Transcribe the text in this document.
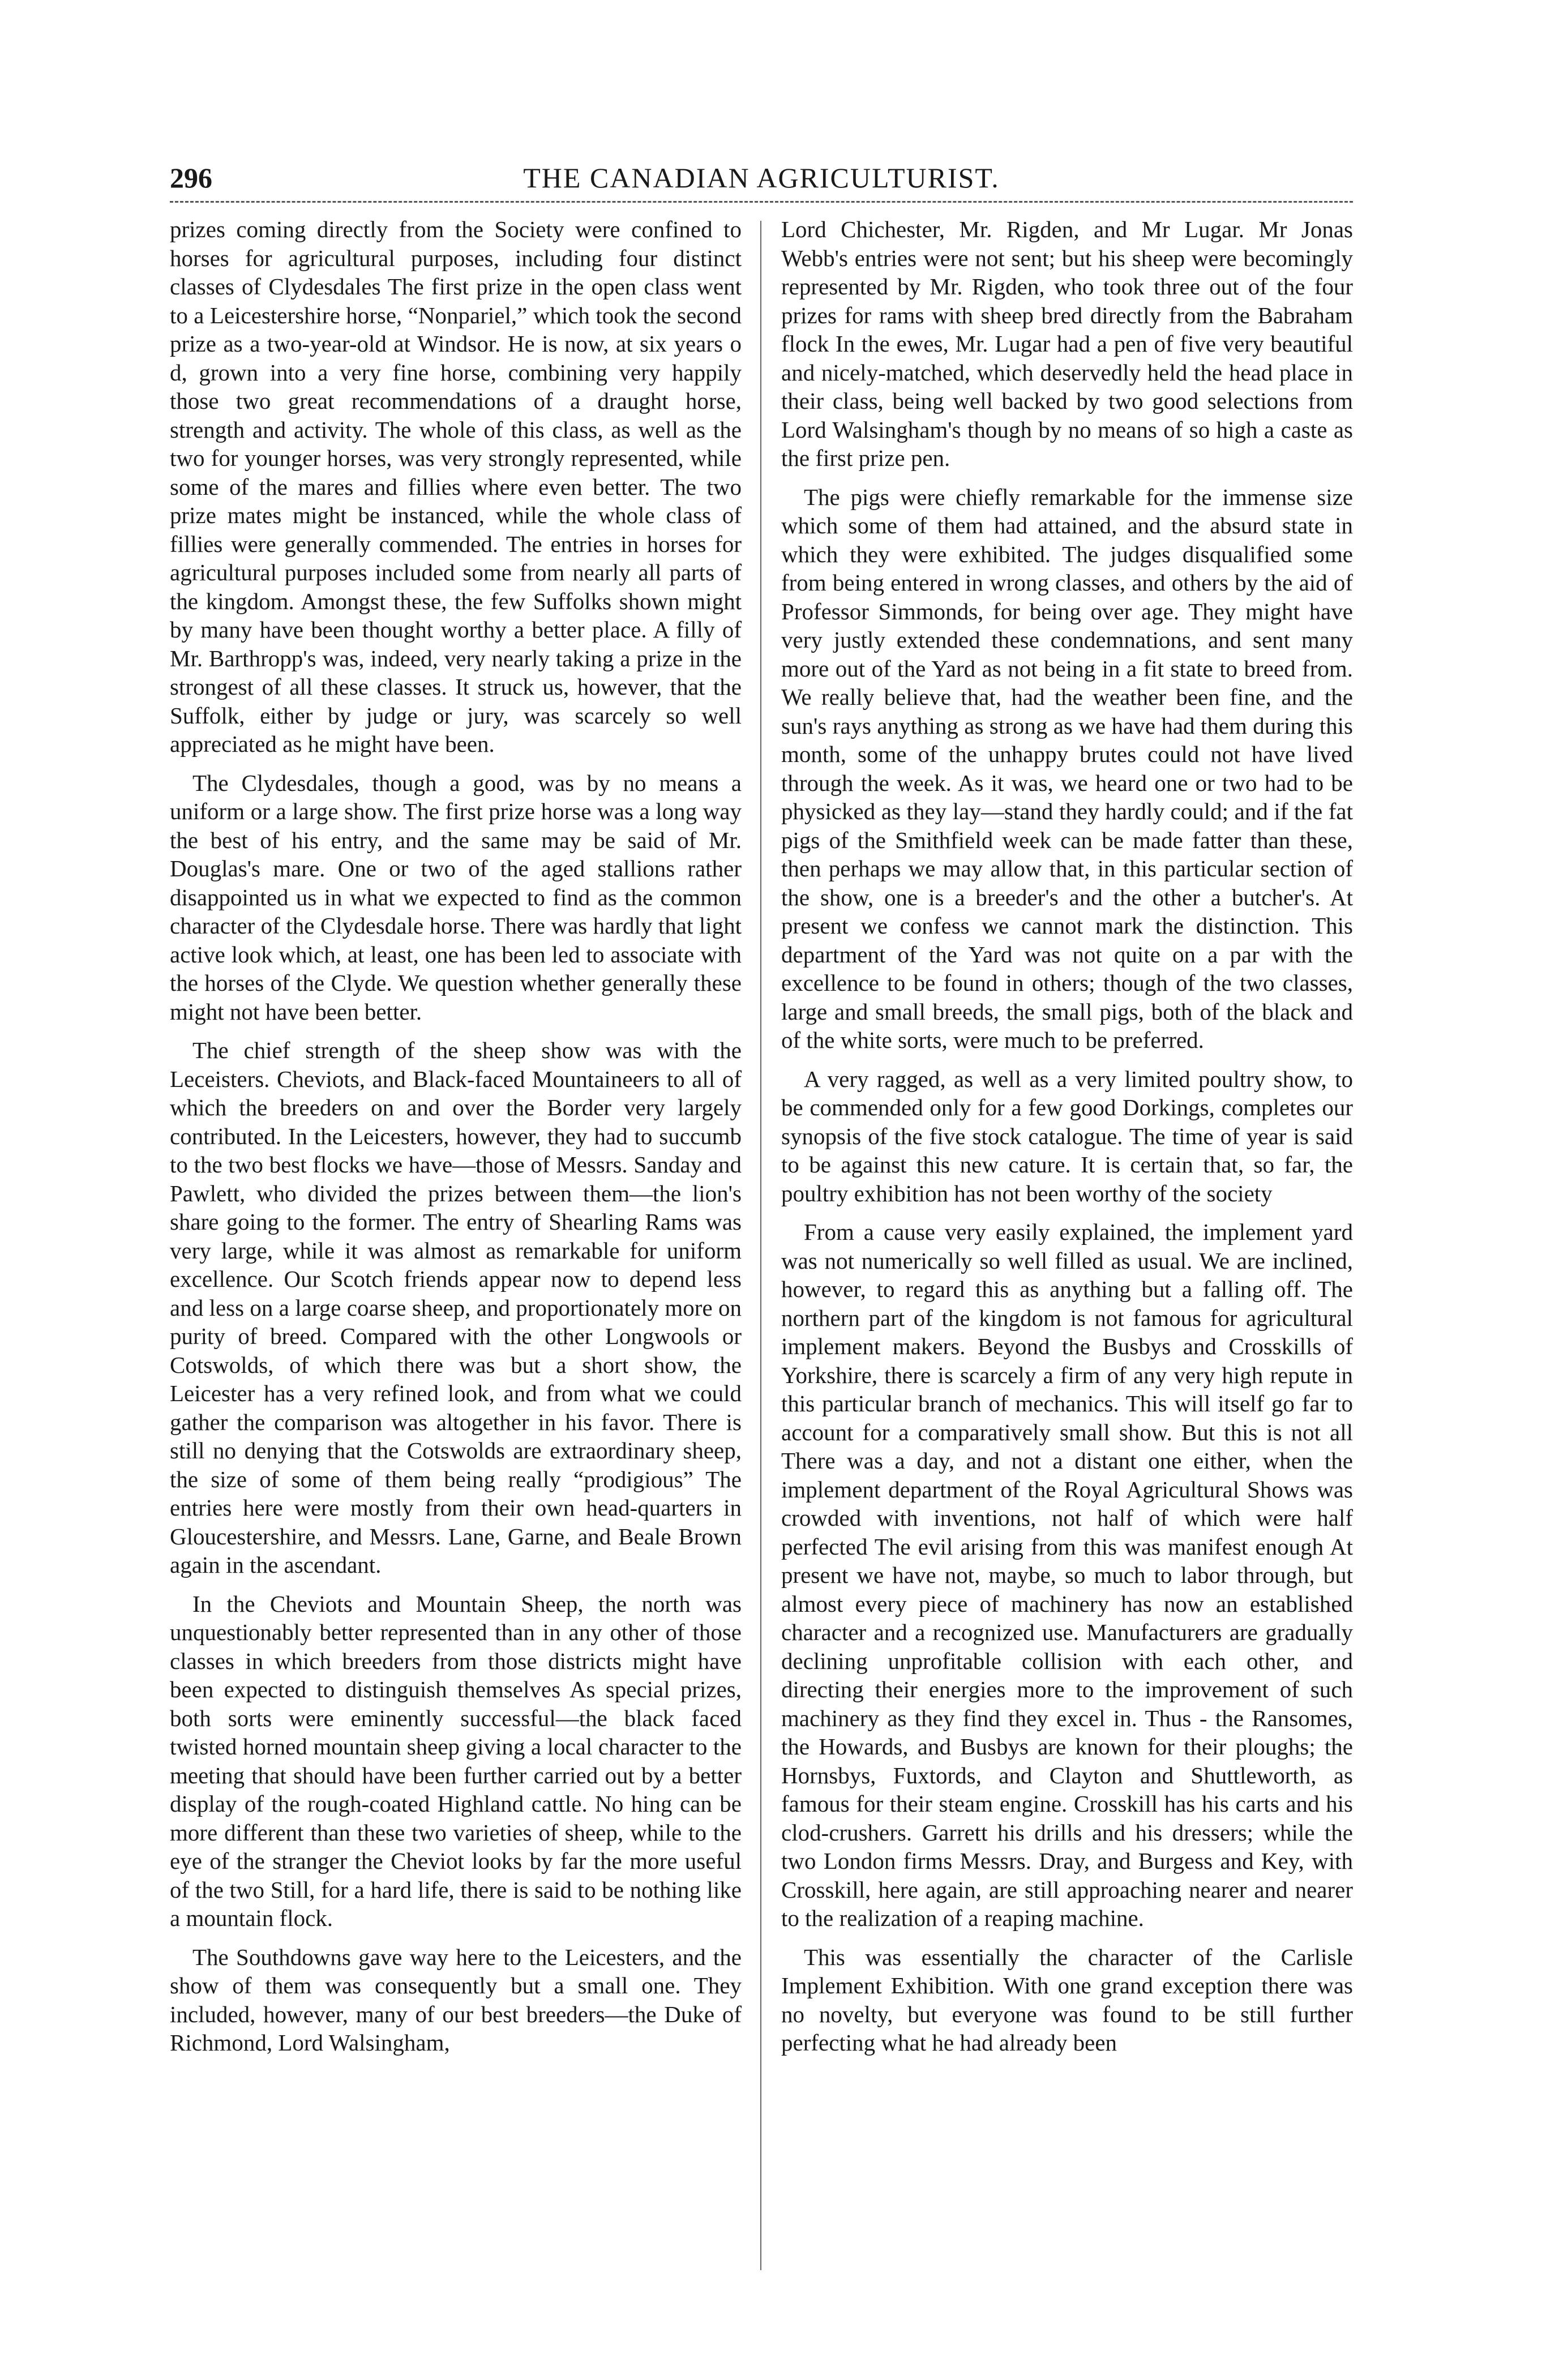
296	THE CANADIAN AGRICULTURIST.

prizes coming directly from the Society were confined to horses for agricultural purposes, including four distinct classes of Clydesdales The first prize in the open class went to a Leicestershire horse, “Nonpariel,” which took the second prize as a two-year-old at Windsor. He is now, at six years o d, grown into a very fine horse, combining very happily those two great recommendations of a draught horse, strength and activity. The whole of this class, as well as the two for younger horses, was very strongly represented, while some of the mares and fillies where even better. The two prize mates might be instanced, while the whole class of fillies were generally commended. The entries in horses for agricultural purposes included some from nearly all parts of the kingdom. Amongst these, the few Suffolks shown might by many have been thought worthy a better place. A filly of Mr. Barthropp's was, indeed, very nearly taking a prize in the strongest of all these classes. It struck us, however, that the Suffolk, either by judge or jury, was scarcely so well appreciated as he might have been.

The Clydesdales, though a good, was by no means a uniform or a large show. The first prize horse was a long way the best of his entry, and the same may be said of Mr. Douglas's mare. One or two of the aged stallions rather disappointed us in what we expected to find as the common character of the Clydesdale horse. There was hardly that light active look which, at least, one has been led to associate with the horses of the Clyde. We question whether generally these might not have been better.

The chief strength of the sheep show was with the Leceisters. Cheviots, and Black-faced Mountaineers to all of which the breeders on and over the Border very largely contributed. In the Leicesters, however, they had to succumb to the two best flocks we have—those of Messrs. Sanday and Pawlett, who divided the prizes between them—the lion's share going to the former. The entry of Shearling Rams was very large, while it was almost as remarkable for uniform excellence. Our Scotch friends appear now to depend less and less on a large coarse sheep, and proportionately more on purity of breed. Compared with the other Longwools or Cotswolds, of which there was but a short show, the Leicester has a very refined look, and from what we could gather the comparison was altogether in his favor. There is still no denying that the Cotswolds are extraordinary sheep, the size of some of them being really “prodigious” The entries here were mostly from their own head-quarters in Gloucestershire, and Messrs. Lane, Garne, and Beale Brown again in the ascendant.

In the Cheviots and Mountain Sheep, the north was unquestionably better represented than in any other of those classes in which breeders from those districts might have been expected to distinguish themselves As special prizes, both sorts were eminently successful—the black faced twisted horned mountain sheep giving a local character to the meeting that should have been further carried out by a better display of the rough-coated Highland cattle. No hing can be more different than these two varieties of sheep, while to the eye of the stranger the Cheviot looks by far the more useful of the two Still, for a hard life, there is said to be nothing like a mountain flock.

The Southdowns gave way here to the Leicesters, and the show of them was consequently but a small one. They included, however, many of our best breeders—the Duke of Richmond, Lord Walsingham,

Lord Chichester, Mr. Rigden, and Mr Lugar. Mr Jonas Webb's entries were not sent; but his sheep were becomingly represented by Mr. Rigden, who took three out of the four prizes for rams with sheep bred directly from the Babraham flock In the ewes, Mr. Lugar had a pen of five very beautiful and nicely-matched, which deservedly held the head place in their class, being well backed by two good selections from Lord Walsingham's though by no means of so high a caste as the first prize pen.

The pigs were chiefly remarkable for the immense size which some of them had attained, and the absurd state in which they were exhibited. The judges disqualified some from being entered in wrong classes, and others by the aid of Professor Simmonds, for being over age. They might have very justly extended these condemnations, and sent many more out of the Yard as not being in a fit state to breed from. We really believe that, had the weather been fine, and the sun's rays anything as strong as we have had them during this month, some of the unhappy brutes could not have lived through the week. As it was, we heard one or two had to be physicked as they lay—stand they hardly could; and if the fat pigs of the Smithfield week can be made fatter than these, then perhaps we may allow that, in this particular section of the show, one is a breeder's and the other a butcher's. At present we confess we cannot mark the distinction. This department of the Yard was not quite on a par with the excellence to be found in others; though of the two classes, large and small breeds, the small pigs, both of the black and of the white sorts, were much to be preferred.

A very ragged, as well as a very limited poultry show, to be commended only for a few good Dorkings, completes our synopsis of the five stock catalogue. The time of year is said to be against this new cature. It is certain that, so far, the poultry exhibition has not been worthy of the society

From a cause very easily explained, the implement yard was not numerically so well filled as usual. We are inclined, however, to regard this as anything but a falling off. The northern part of the kingdom is not famous for agricultural implement makers. Beyond the Busbys and Crosskills of Yorkshire, there is scarcely a firm of any very high repute in this particular branch of mechanics. This will itself go far to account for a comparatively small show. But this is not all There was a day, and not a distant one either, when the implement department of the Royal Agricultural Shows was crowded with inventions, not half of which were half perfected The evil arising from this was manifest enough At present we have not, maybe, so much to labor through, but almost every piece of machinery has now an established character and a recognized use. Manufacturers are gradually declining unprofitable collision with each other, and directing their energies more to the improvement of such machinery as they find they excel in. Thus - the Ransomes, the Howards, and Busbys are known for their ploughs; the Hornsbys, Fuxtords, and Clayton and Shuttleworth, as famous for their steam engine. Crosskill has his carts and his clod-crushers. Garrett his drills and his dressers; while the two London firms Messrs. Dray, and Burgess and Key, with Crosskill, here again, are still approaching nearer and nearer to the realization of a reaping machine.

This was essentially the character of the Carlisle Implement Exhibition. With one grand exception there was no novelty, but everyone was found to be still further perfecting what he had already been
